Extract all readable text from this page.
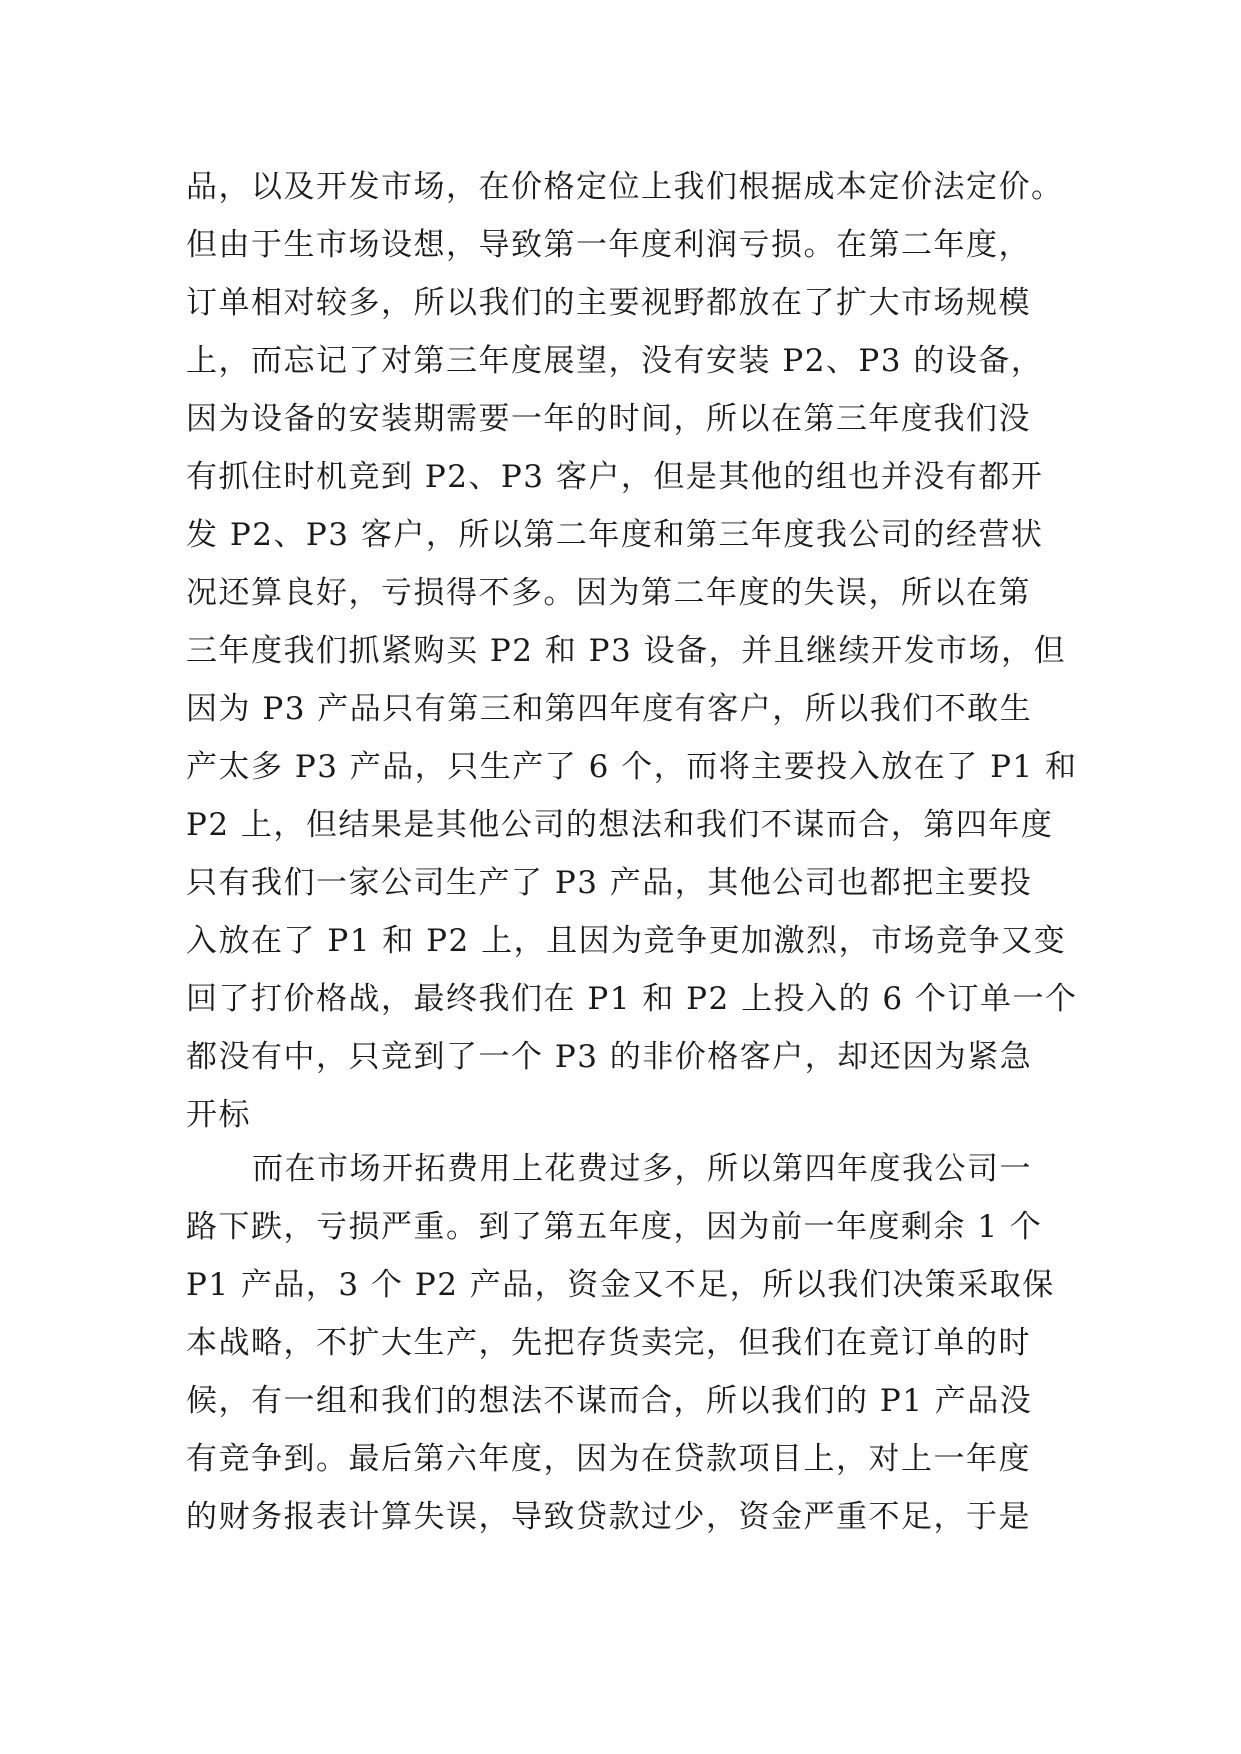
品，以及开发市场，在价格定位上我们根据成本定价法定价。
但由于生市场设想，导致第一年度利润亏损。在第二年度，
订单相对较多，所以我们的主要视野都放在了扩大市场规模
上，而忘记了对第三年度展望，没有安装 P2、P3 的设备，
因为设备的安装期需要一年的时间，所以在第三年度我们没
有抓住时机竞到 P2、P3 客户，但是其他的组也并没有都开
发 P2、P3 客户，所以第二年度和第三年度我公司的经营状
况还算良好，亏损得不多。因为第二年度的失误，所以在第
三年度我们抓紧购买 P2 和 P3 设备，并且继续开发市场，但
因为 P3 产品只有第三和第四年度有客户，所以我们不敢生
产太多 P3 产品，只生产了 6 个，而将主要投入放在了 P1 和
P2 上，但结果是其他公司的想法和我们不谋而合，第四年度
只有我们一家公司生产了 P3 产品，其他公司也都把主要投
入放在了 P1 和 P2 上，且因为竞争更加激烈，市场竞争又变
回了打价格战，最终我们在 P1 和 P2 上投入的 6 个订单一个
都没有中，只竞到了一个 P3 的非价格客户，却还因为紧急
开标
而在市场开拓费用上花费过多，所以第四年度我公司一
路下跌，亏损严重。到了第五年度，因为前一年度剩余 1 个
P1 产品，3 个 P2 产品，资金又不足，所以我们决策采取保
本战略，不扩大生产，先把存货卖完，但我们在竟订单的时
候，有一组和我们的想法不谋而合，所以我们的 P1 产品没
有竞争到。最后第六年度，因为在贷款项目上，对上一年度
的财务报表计算失误，导致贷款过少，资金严重不足，于是
